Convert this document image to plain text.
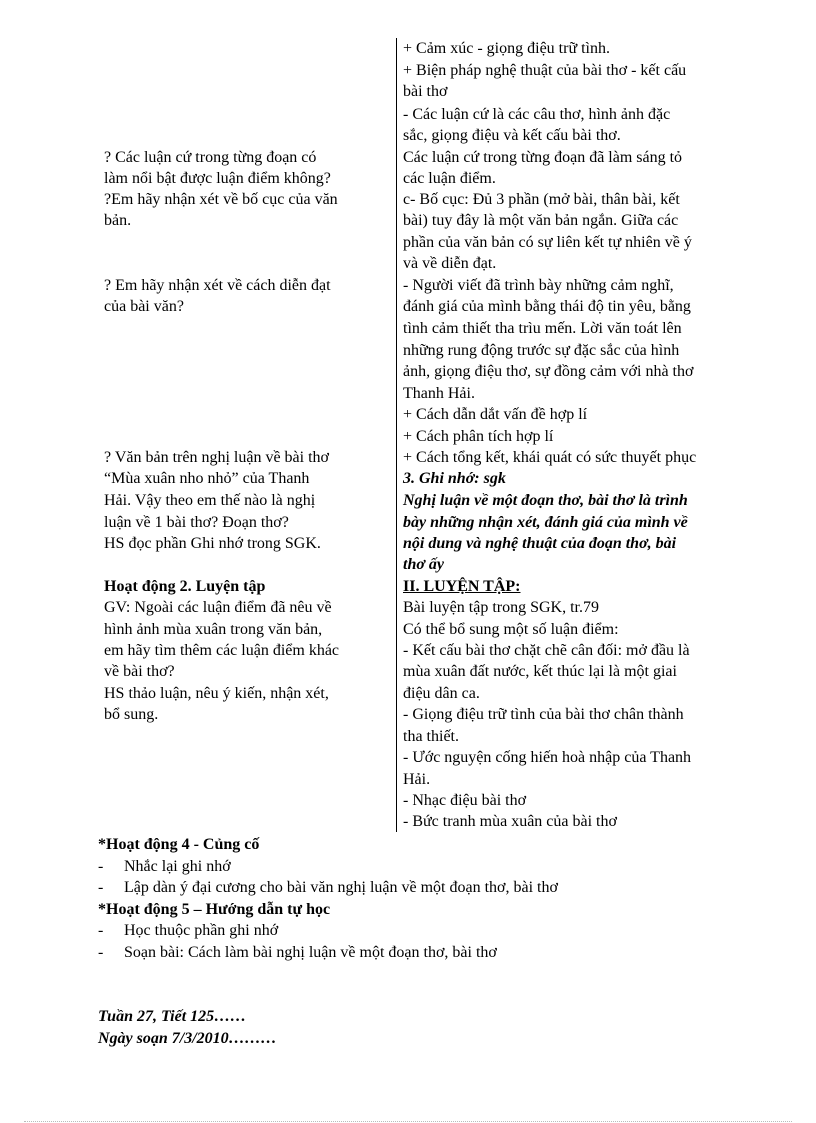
? Các luận cứ trong từng đoạn có
làm nổi bật được luận điểm không?
?Em hãy nhận xét về bố cục của văn
bản.
? Em hãy nhận xét về cách diễn đạt
của bài văn?
? Văn bản trên nghị luận về bài thơ
“Mùa xuân nho nhỏ” của Thanh
Hải. Vậy theo em thế nào là nghị
luận về 1 bài thơ? Đoạn thơ?
HS đọc phần Ghi nhớ trong SGK.
Hoạt động 2. Luyện tập
GV: Ngoài các luận điểm đã nêu về
hình ảnh mùa xuân trong văn bản,
em hãy tìm thêm các luận điểm khác
về bài thơ?
HS thảo luận, nêu ý kiến, nhận xét,
bổ sung.
+ Cảm xúc - giọng điệu trữ tình.
+ Biện pháp nghệ thuật của bài thơ - kết cấu
bài thơ
- Các luận cứ là các câu thơ, hình ảnh đặc
sắc, giọng điệu và kết cấu bài thơ.
Các luận cứ trong từng đoạn đã làm sáng tỏ
các luận điểm.
c- Bố cục: Đủ 3 phần (mở bài, thân bài, kết
bài) tuy đây là một văn bản ngắn. Giữa các
phần của văn bản có sự liên kết tự nhiên về ý
và về diễn đạt.
- Người viết đã trình bày những cảm nghĩ,
đánh giá của mình bằng thái độ tin yêu, bằng
tình cảm thiết tha trìu mến. Lời văn toát lên
những rung động trước sự đặc sắc của hình
ảnh, giọng điệu thơ, sự đồng cảm với nhà thơ
Thanh Hải.
+ Cách dẫn dắt vấn đề hợp lí
+ Cách phân tích hợp lí
+ Cách tổng kết, khái quát có sức thuyết phục
3. Ghi nhớ: sgk
Nghị luận về một đoạn thơ, bài thơ là trình
bày những nhận xét, đánh giá của mình về
nội dung và nghệ thuật của đoạn thơ, bài
thơ ấy
II. LUYỆN TẬP:
Bài luyện tập trong SGK, tr.79
Có thể bổ sung một số luận điểm:
- Kết cấu bài thơ chặt chẽ cân đối: mở đầu là
mùa xuân đất nước, kết thúc lại là một giai
điệu dân ca.
- Giọng điệu trữ tình của bài thơ chân thành
tha thiết.
- Ước nguyện cống hiến hoà nhập của Thanh
Hải.
- Nhạc điệu bài thơ
- Bức tranh mùa xuân của bài thơ
*Hoạt động 4 - Củng cố
- Nhắc lại ghi nhớ
- Lập dàn ý đại cương cho bài văn nghị luận về một đoạn thơ, bài thơ
*Hoạt động 5 – Hướng dẫn tự học
- Học thuộc phần ghi nhớ
- Soạn bài: Cách làm bài nghị luận về một đoạn thơ, bài thơ
Tuần 27, Tiết 125……
Ngày soạn 7/3/2010………
